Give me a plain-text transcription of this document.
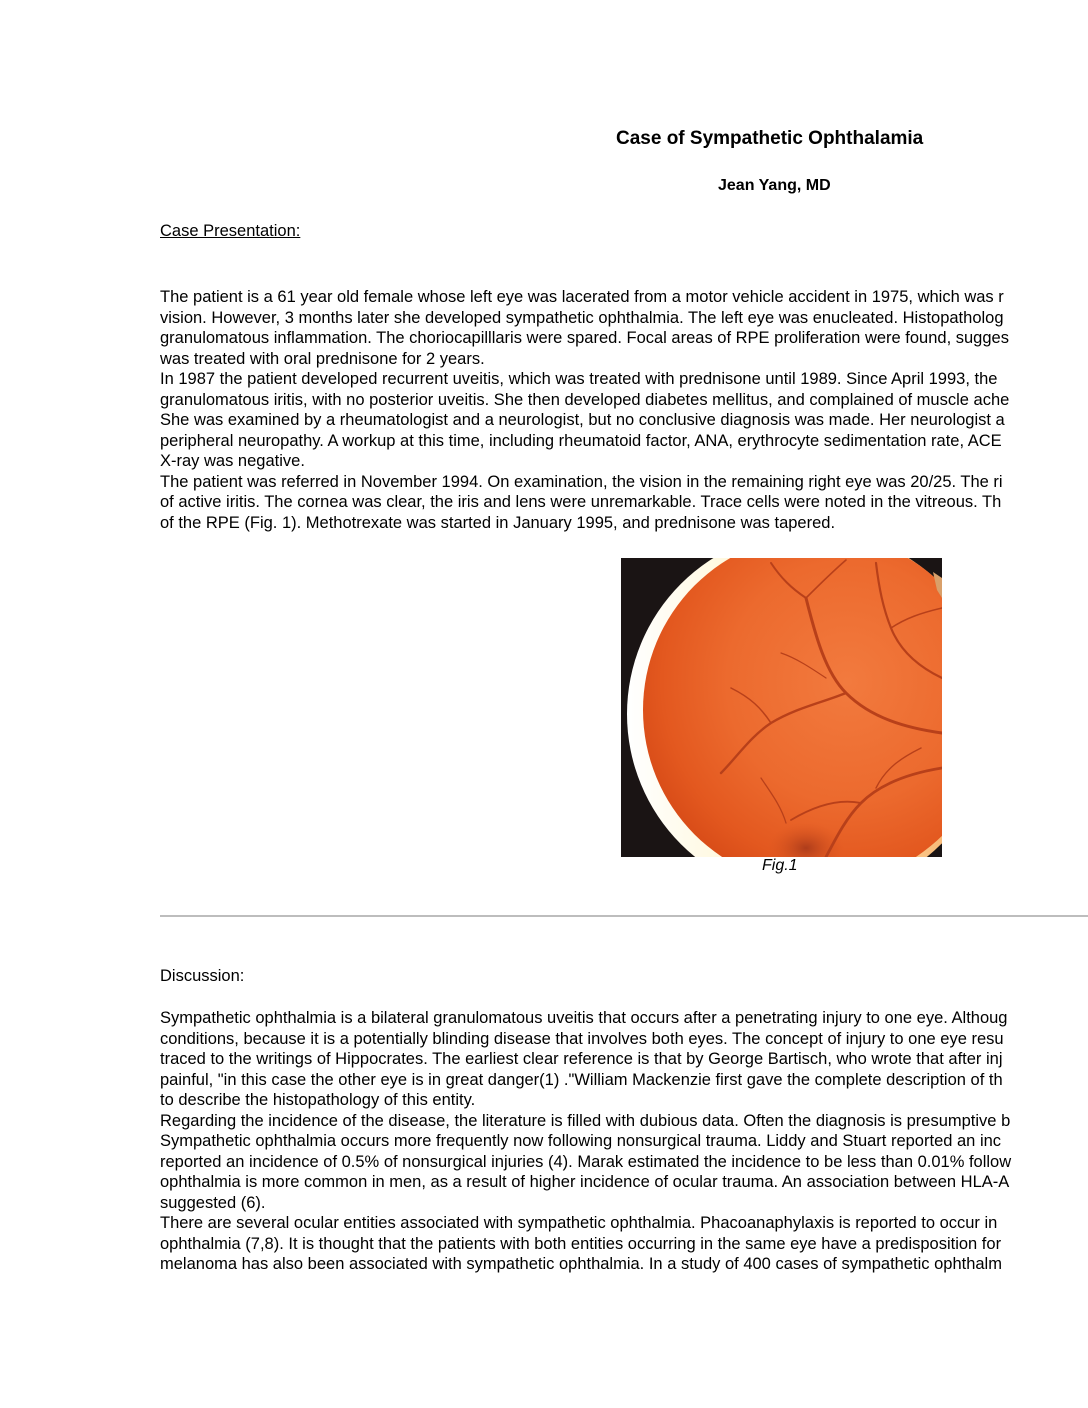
Case of Sympathetic Ophthalamia
Jean Yang, MD
Case Presentation:
The patient is a 61 year old female whose left eye was lacerated from a motor vehicle accident in 1975, which was r
vision. However, 3 months later she developed sympathetic ophthalmia. The left eye was enucleated. Histopatholog
granulomatous inflammation. The choriocapilllaris were spared. Focal areas of RPE proliferation were found, sugges
was treated with oral prednisone for 2 years.
In 1987 the patient developed recurrent uveitis, which was treated with prednisone until 1989. Since April 1993, the
granulomatous iritis, with no posterior uveitis. She then developed diabetes mellitus, and complained of muscle ache
She was examined by a rheumatologist and a neurologist, but no conclusive diagnosis was made. Her neurologist a
peripheral neuropathy. A workup at this time, including rheumatoid factor, ANA, erythrocyte sedimentation rate, ACE
X-ray was negative.
The patient was referred in November 1994. On examination, the vision in the remaining right eye was 20/25. The ri
of active iritis. The cornea was clear, the iris and lens were unremarkable. Trace cells were noted in the vitreous. Th
of the RPE (Fig. 1). Methotrexate was started in January 1995, and prednisone was tapered.
Fig.1
Discussion:
Sympathetic ophthalmia is a bilateral granulomatous uveitis that occurs after a penetrating injury to one eye. Althoug
conditions, because it is a potentially blinding disease that involves both eyes. The concept of injury to one eye resu
traced to the writings of Hippocrates. The earliest clear reference is that by George Bartisch, who wrote that after inj
painful, "in this case the other eye is in great danger(1) ."William Mackenzie first gave the complete description of th
to describe the histopathology of this entity.
Regarding the incidence of the disease, the literature is filled with dubious data. Often the diagnosis is presumptive b
Sympathetic ophthalmia occurs more frequently now following nonsurgical trauma. Liddy and Stuart reported an inc
reported an incidence of 0.5% of nonsurgical injuries (4). Marak estimated the incidence to be less than 0.01% follow
ophthalmia is more common in men, as a result of higher incidence of ocular trauma. An association between HLA-A
suggested (6).
There are several ocular entities associated with sympathetic ophthalmia. Phacoanaphylaxis is reported to occur in
ophthalmia (7,8). It is thought that the patients with both entities occurring in the same eye have a predisposition for
melanoma has also been associated with sympathetic ophthalmia. In a study of 400 cases of sympathetic ophthalm
